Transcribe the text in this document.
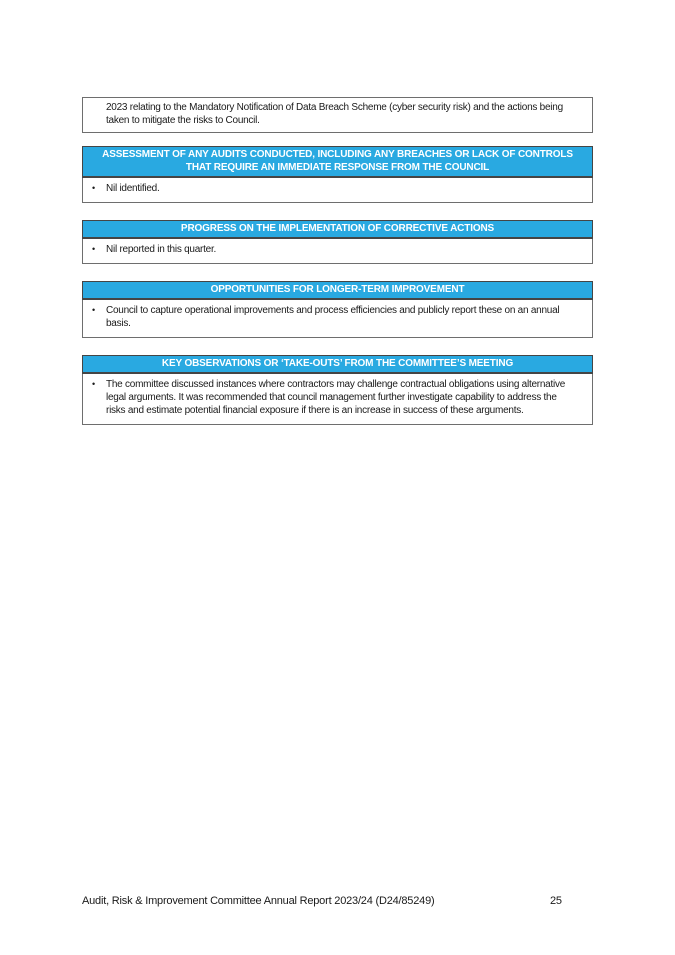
2023 relating to the Mandatory Notification of Data Breach Scheme (cyber security risk) and the actions being taken to mitigate the risks to Council.

ASSESSMENT OF ANY AUDITS CONDUCTED, INCLUDING ANY BREACHES OR LACK OF CONTROLS THAT REQUIRE AN IMMEDIATE RESPONSE FROM THE COUNCIL
•	Nil identified.
PROGRESS ON THE IMPLEMENTATION OF CORRECTIVE ACTIONS
•	Nil reported in this quarter.
OPPORTUNITIES FOR LONGER-TERM IMPROVEMENT
•	Council to capture operational improvements and process efficiencies and publicly report these on an annual basis.
KEY OBSERVATIONS OR ‘TAKE-OUTS’ FROM THE COMMITTEE’S MEETING
•	The committee discussed instances where contractors may challenge contractual obligations using alternative legal arguments. It was recommended that council management further investigate capability to address the risks and estimate potential financial exposure if there is an increase in success of these arguments.
Audit, Risk & Improvement Committee Annual Report 2023/24 (D24/85249)	25
